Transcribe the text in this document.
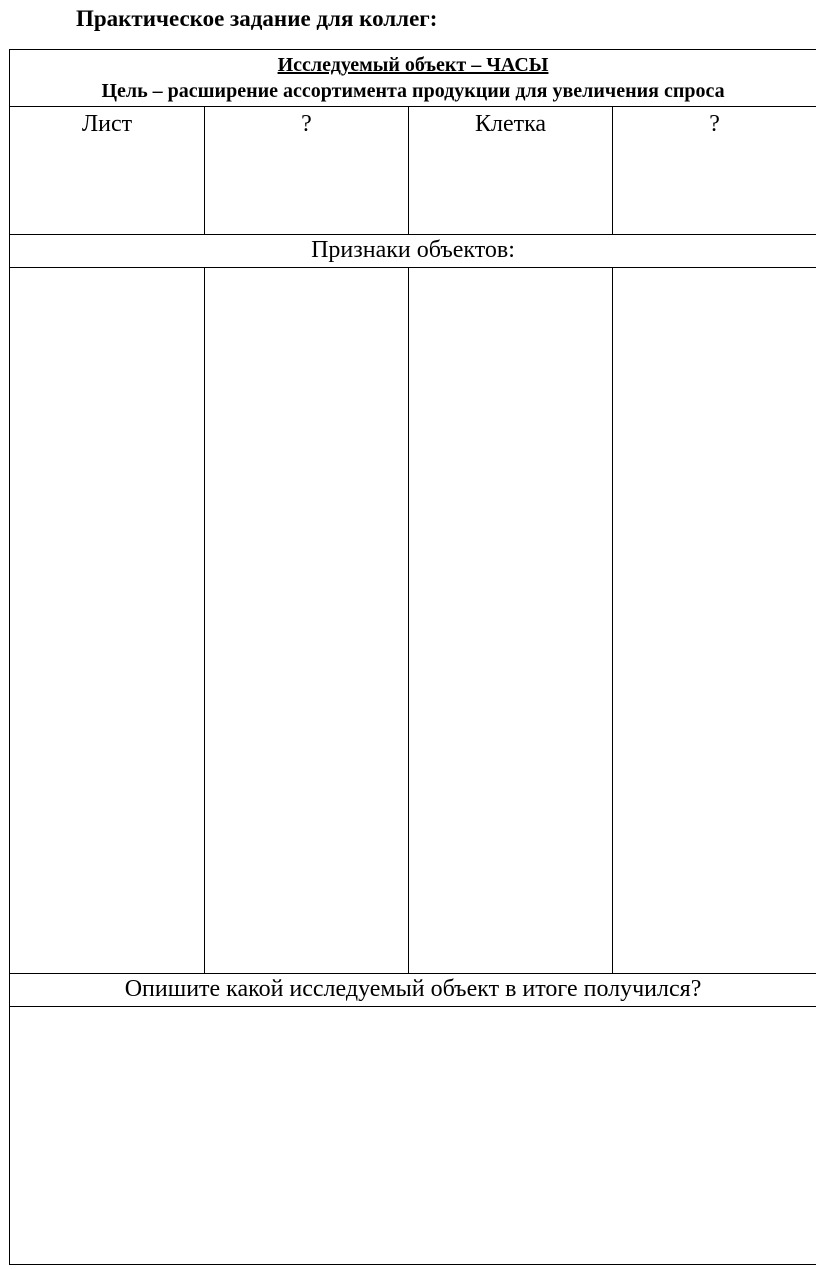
Практическое задание для коллег:
Исследуемый объект – ЧАСЫ
Цель – расширение ассортимента продукции для увеличения спроса			

Лист	?	Клетка	?

Признаки объектов:			

Опишите какой исследуемый объект в итоге получился?			
